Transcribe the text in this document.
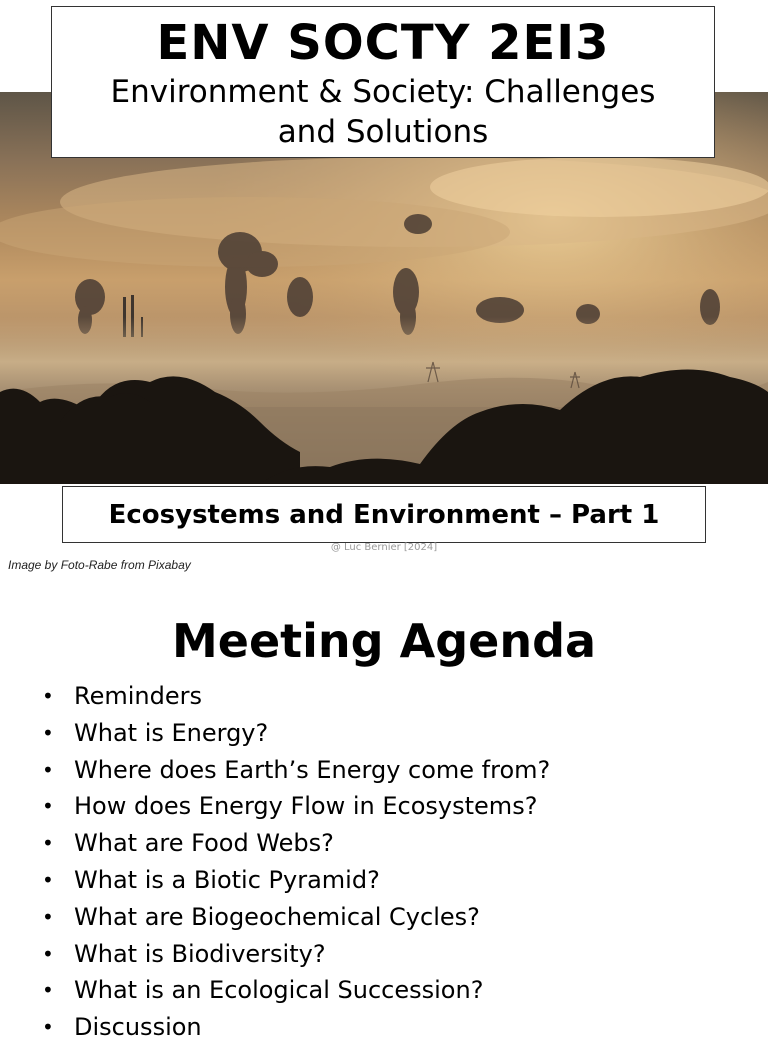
ENV SOCTY 2EI3
Environment & Society: Challenges
and Solutions
Ecosystems and Environment – Part 1
@ Luc Bernier [2024]
Image by Foto-Rabe from Pixabay
Meeting Agenda
• Reminders
• What is Energy?
• Where does Earth’s Energy come from?
• How does Energy Flow in Ecosystems?
• What are Food Webs?
• What is a Biotic Pyramid?
• What are Biogeochemical Cycles?
• What is Biodiversity?
• What is an Ecological Succession?
• Discussion
